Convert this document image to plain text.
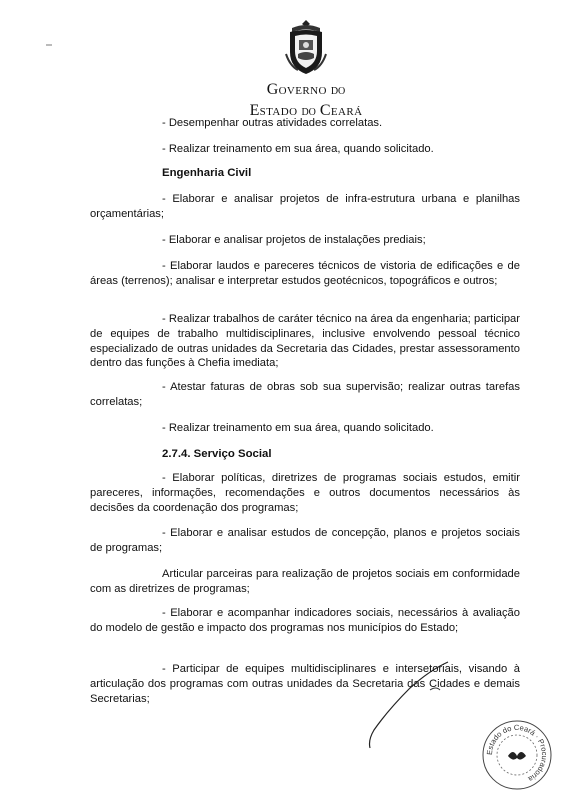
GOVERNO DO
ESTADO DO CEARÁ

- Desempenhar outras atividades correlatas.

- Realizar treinamento em sua área, quando solicitado.

Engenharia Civil

- Elaborar e analisar projetos de infra-estrutura urbana e planilhas orçamentárias;

- Elaborar e analisar projetos de instalações prediais;

- Elaborar laudos e pareceres técnicos de vistoria de edificações e de áreas (terrenos); analisar e interpretar estudos geotécnicos, topográficos e outros;

- Realizar trabalhos de caráter técnico na área da engenharia; participar de equipes de trabalho multidisciplinares, inclusive envolvendo pessoal técnico especializado de outras unidades da Secretaria das Cidades, prestar assessoramento dentro das funções à Chefia imediata;

- Atestar faturas de obras sob sua supervisão; realizar outras tarefas correlatas;

- Realizar treinamento em sua área, quando solicitado.

2.7.4. Serviço Social

- Elaborar políticas, diretrizes de programas sociais estudos, emitir pareceres, informações, recomendações e outros documentos necessários às decisões da coordenação dos programas;

- Elaborar e analisar estudos de concepção, planos e projetos sociais de programas;

Articular parceiras para realização de projetos sociais em conformidade com as diretrizes de programas;

- Elaborar e acompanhar indicadores sociais, necessários à avaliação do modelo de gestão e impacto dos programas nos municípios do Estado;

- Participar de equipes multidisciplinares e intersetoriais, visando à articulação dos programas com outras unidades da Secretaria das Cidades e demais Secretarias;

Estado do Ceará · Procuradoria
